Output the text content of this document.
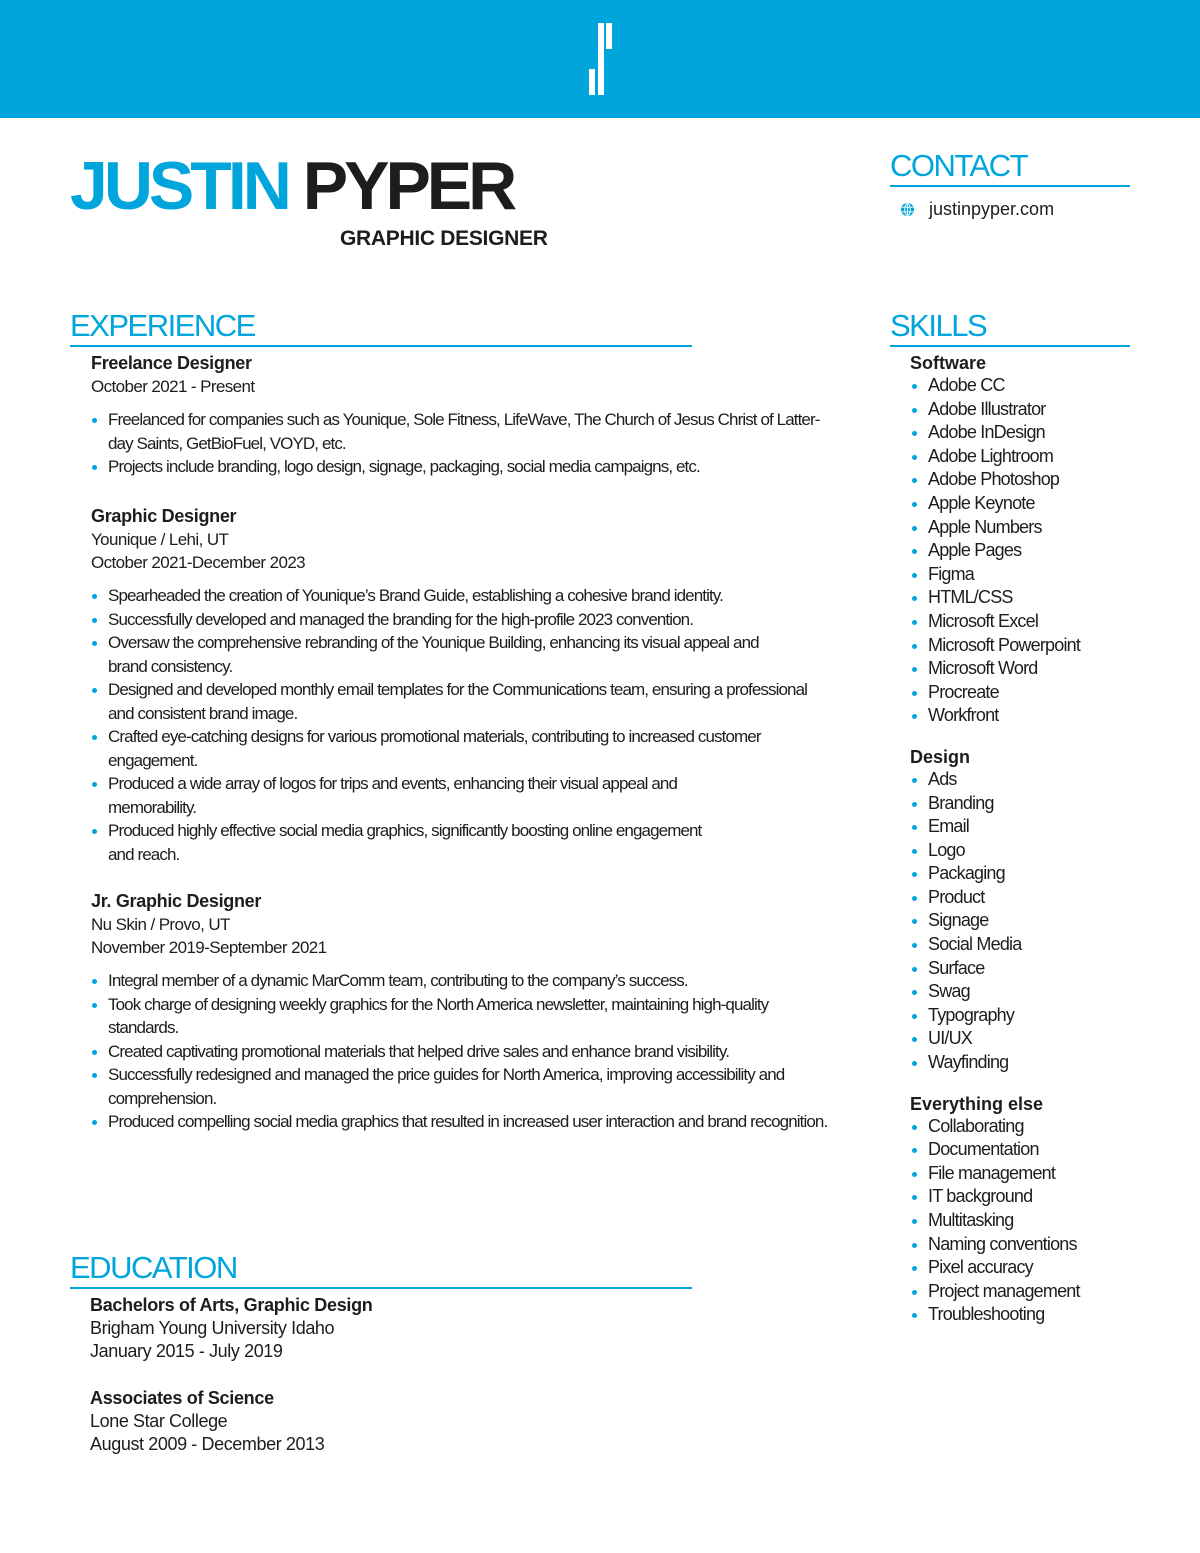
JUSTIN PYPER
GRAPHIC DESIGNER
CONTACT
justinpyper.com
EXPERIENCE
Freelance Designer
October 2021 - Present
Freelanced for companies such as Younique, Sole Fitness, LifeWave, The Church of Jesus Christ of Latter-day Saints, GetBioFuel, VOYD, etc.
Projects include branding, logo design, signage, packaging, social media campaigns, etc.
Graphic Designer
Younique / Lehi, UT
October 2021-December 2023
Spearheaded the creation of Younique’s Brand Guide, establishing a cohesive brand identity.
Successfully developed and managed the branding for the high-profile 2023 convention.
Oversaw the comprehensive rebranding of the Younique Building, enhancing its visual appeal and brand consistency.
Designed and developed monthly email templates for the Communications team, ensuring a professional and consistent brand image.
Crafted eye-catching designs for various promotional materials, contributing to increased customer engagement.
Produced a wide array of logos for trips and events, enhancing their visual appeal and memorability.
Produced highly effective social media graphics, significantly boosting online engagement and reach.
Jr. Graphic Designer
Nu Skin / Provo, UT
November 2019-September 2021
Integral member of a dynamic MarComm team, contributing to the company’s success.
Took charge of designing weekly graphics for the North America newsletter, maintaining high-quality standards.
Created captivating promotional materials that helped drive sales and enhance brand visibility.
Successfully redesigned and managed the price guides for North America, improving accessibility and comprehension.
Produced compelling social media graphics that resulted in increased user interaction and brand recognition.
EDUCATION
Bachelors of Arts, Graphic Design
Brigham Young University Idaho
January 2015 - July 2019
Associates of Science
Lone Star College
August 2009 - December 2013
SKILLS
Software
Adobe CC
Adobe Illustrator
Adobe InDesign
Adobe Lightroom
Adobe Photoshop
Apple Keynote
Apple Numbers
Apple Pages
Figma
HTML/CSS
Microsoft Excel
Microsoft Powerpoint
Microsoft Word
Procreate
Workfront
Design
Ads
Branding
Email
Logo
Packaging
Product
Signage
Social Media
Surface
Swag
Typography
UI/UX
Wayfinding
Everything else
Collaborating
Documentation
File management
IT background
Multitasking
Naming conventions
Pixel accuracy
Project management
Troubleshooting
